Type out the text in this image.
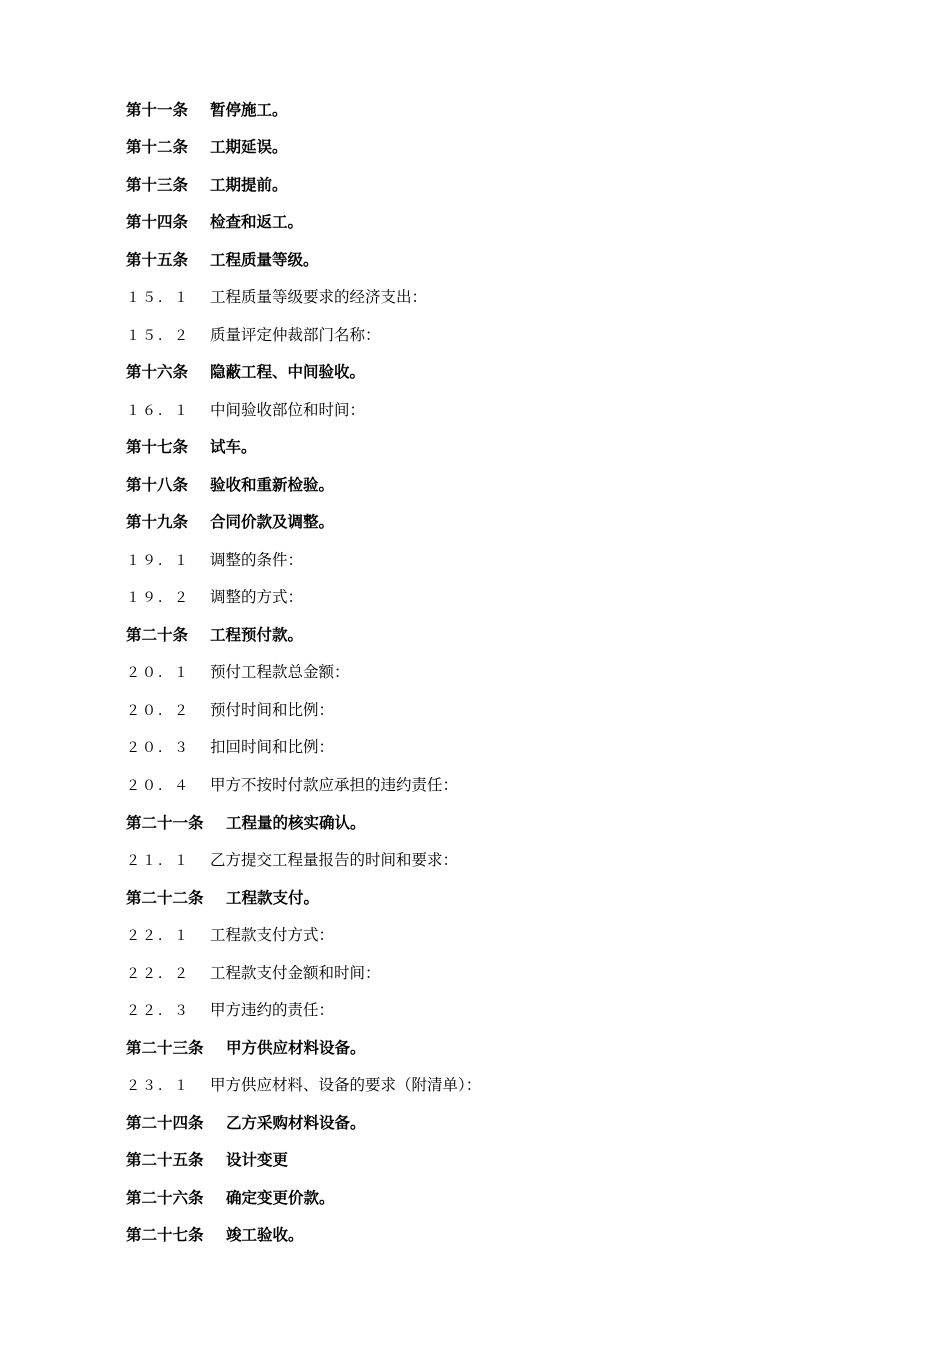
第十一条 暂停施工。
第十二条 工期延误。
第十三条 工期提前。
第十四条 检查和返工。
第十五条 工程质量等级。
１５．１ 工程质量等级要求的经济支出：
１５．２ 质量评定仲裁部门名称：
第十六条 隐蔽工程、中间验收。
１６．１ 中间验收部位和时间：
第十七条 试车。
第十八条 验收和重新检验。
第十九条 合同价款及调整。
１９．１ 调整的条件：
１９．２ 调整的方式：
第二十条 工程预付款。
２０．１ 预付工程款总金额：
２０．２ 预付时间和比例：
２０．３ 扣回时间和比例：
２０．４ 甲方不按时付款应承担的违约责任：
第二十一条 工程量的核实确认。
２１．１ 乙方提交工程量报告的时间和要求：
第二十二条 工程款支付。
２２．１ 工程款支付方式：
２２．２ 工程款支付金额和时间：
２２．３ 甲方违约的责任：
第二十三条 甲方供应材料设备。
２３．１ 甲方供应材料、设备的要求（附清单）：
第二十四条 乙方采购材料设备。
第二十五条 设计变更
第二十六条 确定变更价款。
第二十七条 竣工验收。
